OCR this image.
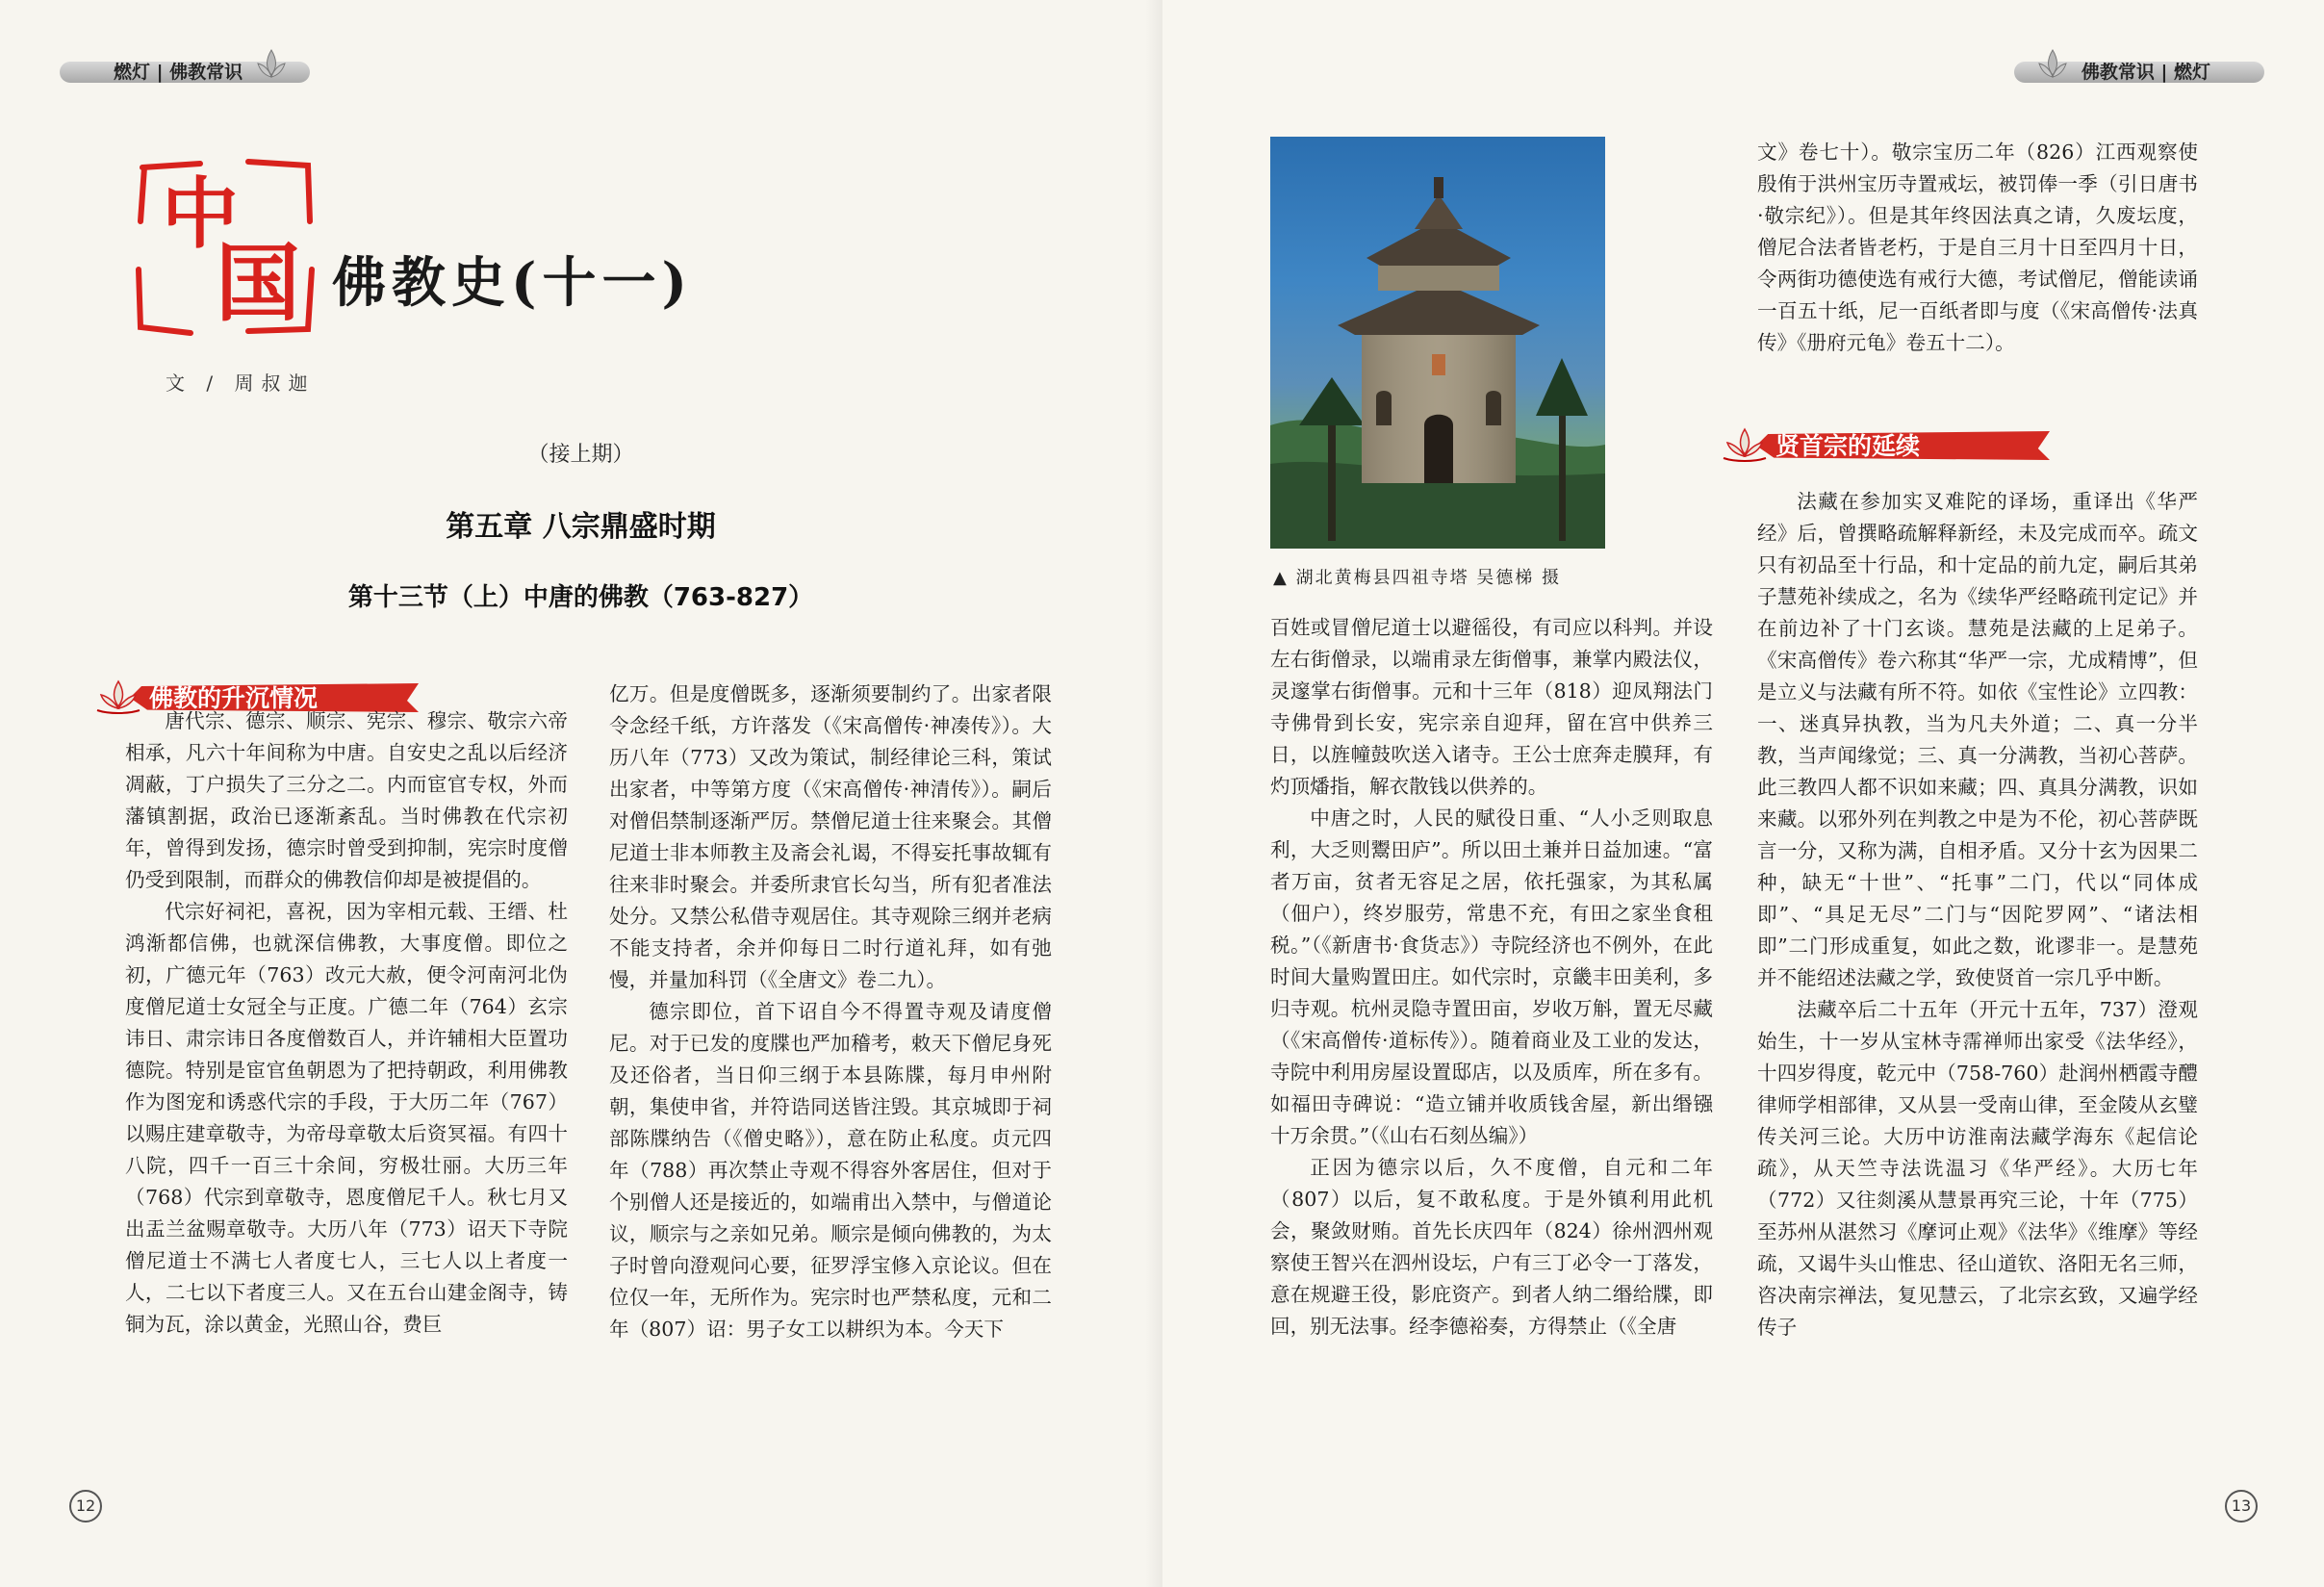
燃灯 | 佛教常识
中
国 佛教史(十一)
文 / 周叔迦
（接上期）
第五章 八宗鼎盛时期
第十三节（上）中唐的佛教（763-827）
佛教的升沉情况

唐代宗、德宗、顺宗、宪宗、穆宗、敬宗六帝相承，凡六十年间称为中唐。自安史之乱以后经济凋蔽，丁户损失了三分之二。内而宦官专权，外而藩镇割据，政治已逐渐紊乱。当时佛教在代宗初年，曾得到发扬，德宗时曾受到抑制，宪宗时度僧仍受到限制，而群众的佛教信仰却是被提倡的。

代宗好祠祀，喜祝，因为宰相元载、王缙、杜鸿渐都信佛，也就深信佛教，大事度僧。即位之初，广德元年（763）改元大赦，便令河南河北伪度僧尼道士女冠全与正度。广德二年（764）玄宗讳日、肃宗讳日各度僧数百人，并许辅相大臣置功德院。特别是宦官鱼朝恩为了把持朝政，利用佛教作为图宠和诱惑代宗的手段，于大历二年（767）以赐庄建章敬寺，为帝母章敬太后资冥福。有四十八院，四千一百三十余间，穷极壮丽。大历三年（768）代宗到章敬寺，恩度僧尼千人。秋七月又出盂兰盆赐章敬寺。大历八年（773）诏天下寺院僧尼道士不满七人者度七人，三七人以上者度一人，二七以下者度三人。又在五台山建金阁寺，铸铜为瓦，涂以黄金，光照山谷，费巨

亿万。但是度僧既多，逐渐须要制约了。出家者限令念经千纸，方许落发（《宋高僧传·神凑传》）。大历八年（773）又改为策试，制经律论三科，策试出家者，中等第方度（《宋高僧传·神清传》）。嗣后对僧侣禁制逐渐严厉。禁僧尼道士往来聚会。其僧尼道士非本师教主及斋会礼谒，不得妄托事故辄有往来非时聚会。并委所隶官长勾当，所有犯者准法处分。又禁公私借寺观居住。其寺观除三纲并老病不能支持者，余并仰每日二时行道礼拜，如有弛慢，并量加科罚（《全唐文》卷二九）。

德宗即位，首下诏自今不得置寺观及请度僧尼。对于已发的度牒也严加稽考，敕天下僧尼身死及还俗者，当日仰三纲于本县陈牒，每月申州附朝，集使申省，并符诰同送皆注毁。其京城即于祠部陈牒纳告（《僧史略》），意在防止私度。贞元四年（788）再次禁止寺观不得容外客居住，但对于个别僧人还是接近的，如端甫出入禁中，与僧道论议，顺宗与之亲如兄弟。顺宗是倾向佛教的，为太子时曾向澄观问心要，征罗浮宝修入京论议。但在位仅一年，无所作为。宪宗时也严禁私度，元和二年（807）诏：男子女工以耕织为本。今天下

12
佛教常识 | 燃灯
▲ 湖北黄梅县四祖寺塔 吴德梯 摄

百姓或冒僧尼道士以避徭役，有司应以科判。并设左右街僧录，以端甫录左街僧事，兼掌内殿法仪，灵邃掌右街僧事。元和十三年（818）迎凤翔法门寺佛骨到长安，宪宗亲自迎拜，留在宫中供养三日，以旌幢鼓吹送入诸寺。王公士庶奔走膜拜，有灼顶燔指，解衣散钱以供养的。

中唐之时，人民的赋役日重、“人小乏则取息利，大乏则鬻田庐”。所以田土兼并日益加速。“富者万亩，贫者无容足之居，依托强家，为其私属（佃户），终岁服劳，常患不充，有田之家坐食租税。”（《新唐书·食货志》）寺院经济也不例外，在此时间大量购置田庄。如代宗时，京畿丰田美利，多归寺观。杭州灵隐寺置田亩，岁收万斛，置无尽藏（《宋高僧传·道标传》）。随着商业及工业的发达，寺院中利用房屋设置邸店，以及质库，所在多有。如福田寺碑说：“造立铺并收质钱舍屋，新出缗镪十万余贯。”（《山右石刻丛编》）

正因为德宗以后，久不度僧，自元和二年（807）以后，复不敢私度。于是外镇利用此机会，聚敛财贿。首先长庆四年（824）徐州泗州观察使王智兴在泗州设坛，户有三丁必令一丁落发，意在规避王役，影庇资产。到者人纳二缗给牒，即回，别无法事。经李德裕奏，方得禁止（《全唐

文》卷七十）。敬宗宝历二年（826）江西观察使殷侑于洪州宝历寺置戒坛，被罚俸一季（引日唐书·敬宗纪》）。但是其年终因法真之请，久废坛度，僧尼合法者皆老朽，于是自三月十日至四月十日，令两街功德使选有戒行大德，考试僧尼，僧能读诵一百五十纸，尼一百纸者即与度（《宋高僧传·法真传》《册府元龟》卷五十二）。

贤首宗的延续

法藏在参加实叉难陀的译场，重译出《华严经》后，曾撰略疏解释新经，未及完成而卒。疏文只有初品至十行品，和十定品的前九定，嗣后其弟子慧苑补续成之，名为《续华严经略疏刊定记》并在前边补了十门玄谈。慧苑是法藏的上足弟子。《宋高僧传》卷六称其“华严一宗，尤成精博”，但是立义与法藏有所不符。如依《宝性论》立四教：一、迷真异执教，当为凡夫外道；二、真一分半教，当声闻缘觉；三、真一分满教，当初心菩萨。此三教四人都不识如来藏；四、真具分满教，识如来藏。以邪外列在判教之中是为不伦，初心菩萨既言一分，又称为满，自相矛盾。又分十玄为因果二种，缺无“十世”、“托事”二门，代以“同体成即”、“具足无尽”二门与“因陀罗网”、“诸法相即”二门形成重复，如此之数，讹谬非一。是慧苑并不能绍述法藏之学，致使贤首一宗几乎中断。

法藏卒后二十五年（开元十五年，737）澄观始生，十一岁从宝林寺霈禅师出家受《法华经》，十四岁得度，乾元中（758-760）赴润州栖霞寺醴律师学相部律，又从昙一受南山律，至金陵从玄璧传关河三论。大历中访淮南法藏学海东《起信论疏》，从天竺寺法诜温习《华严经》。大历七年（772）又往剡溪从慧景再究三论，十年（775）至苏州从湛然习《摩诃止观》《法华》《维摩》等经疏，又谒牛头山惟忠、径山道钦、洛阳无名三师，咨决南宗禅法，复见慧云，了北宗玄致，又遍学经传子

13
